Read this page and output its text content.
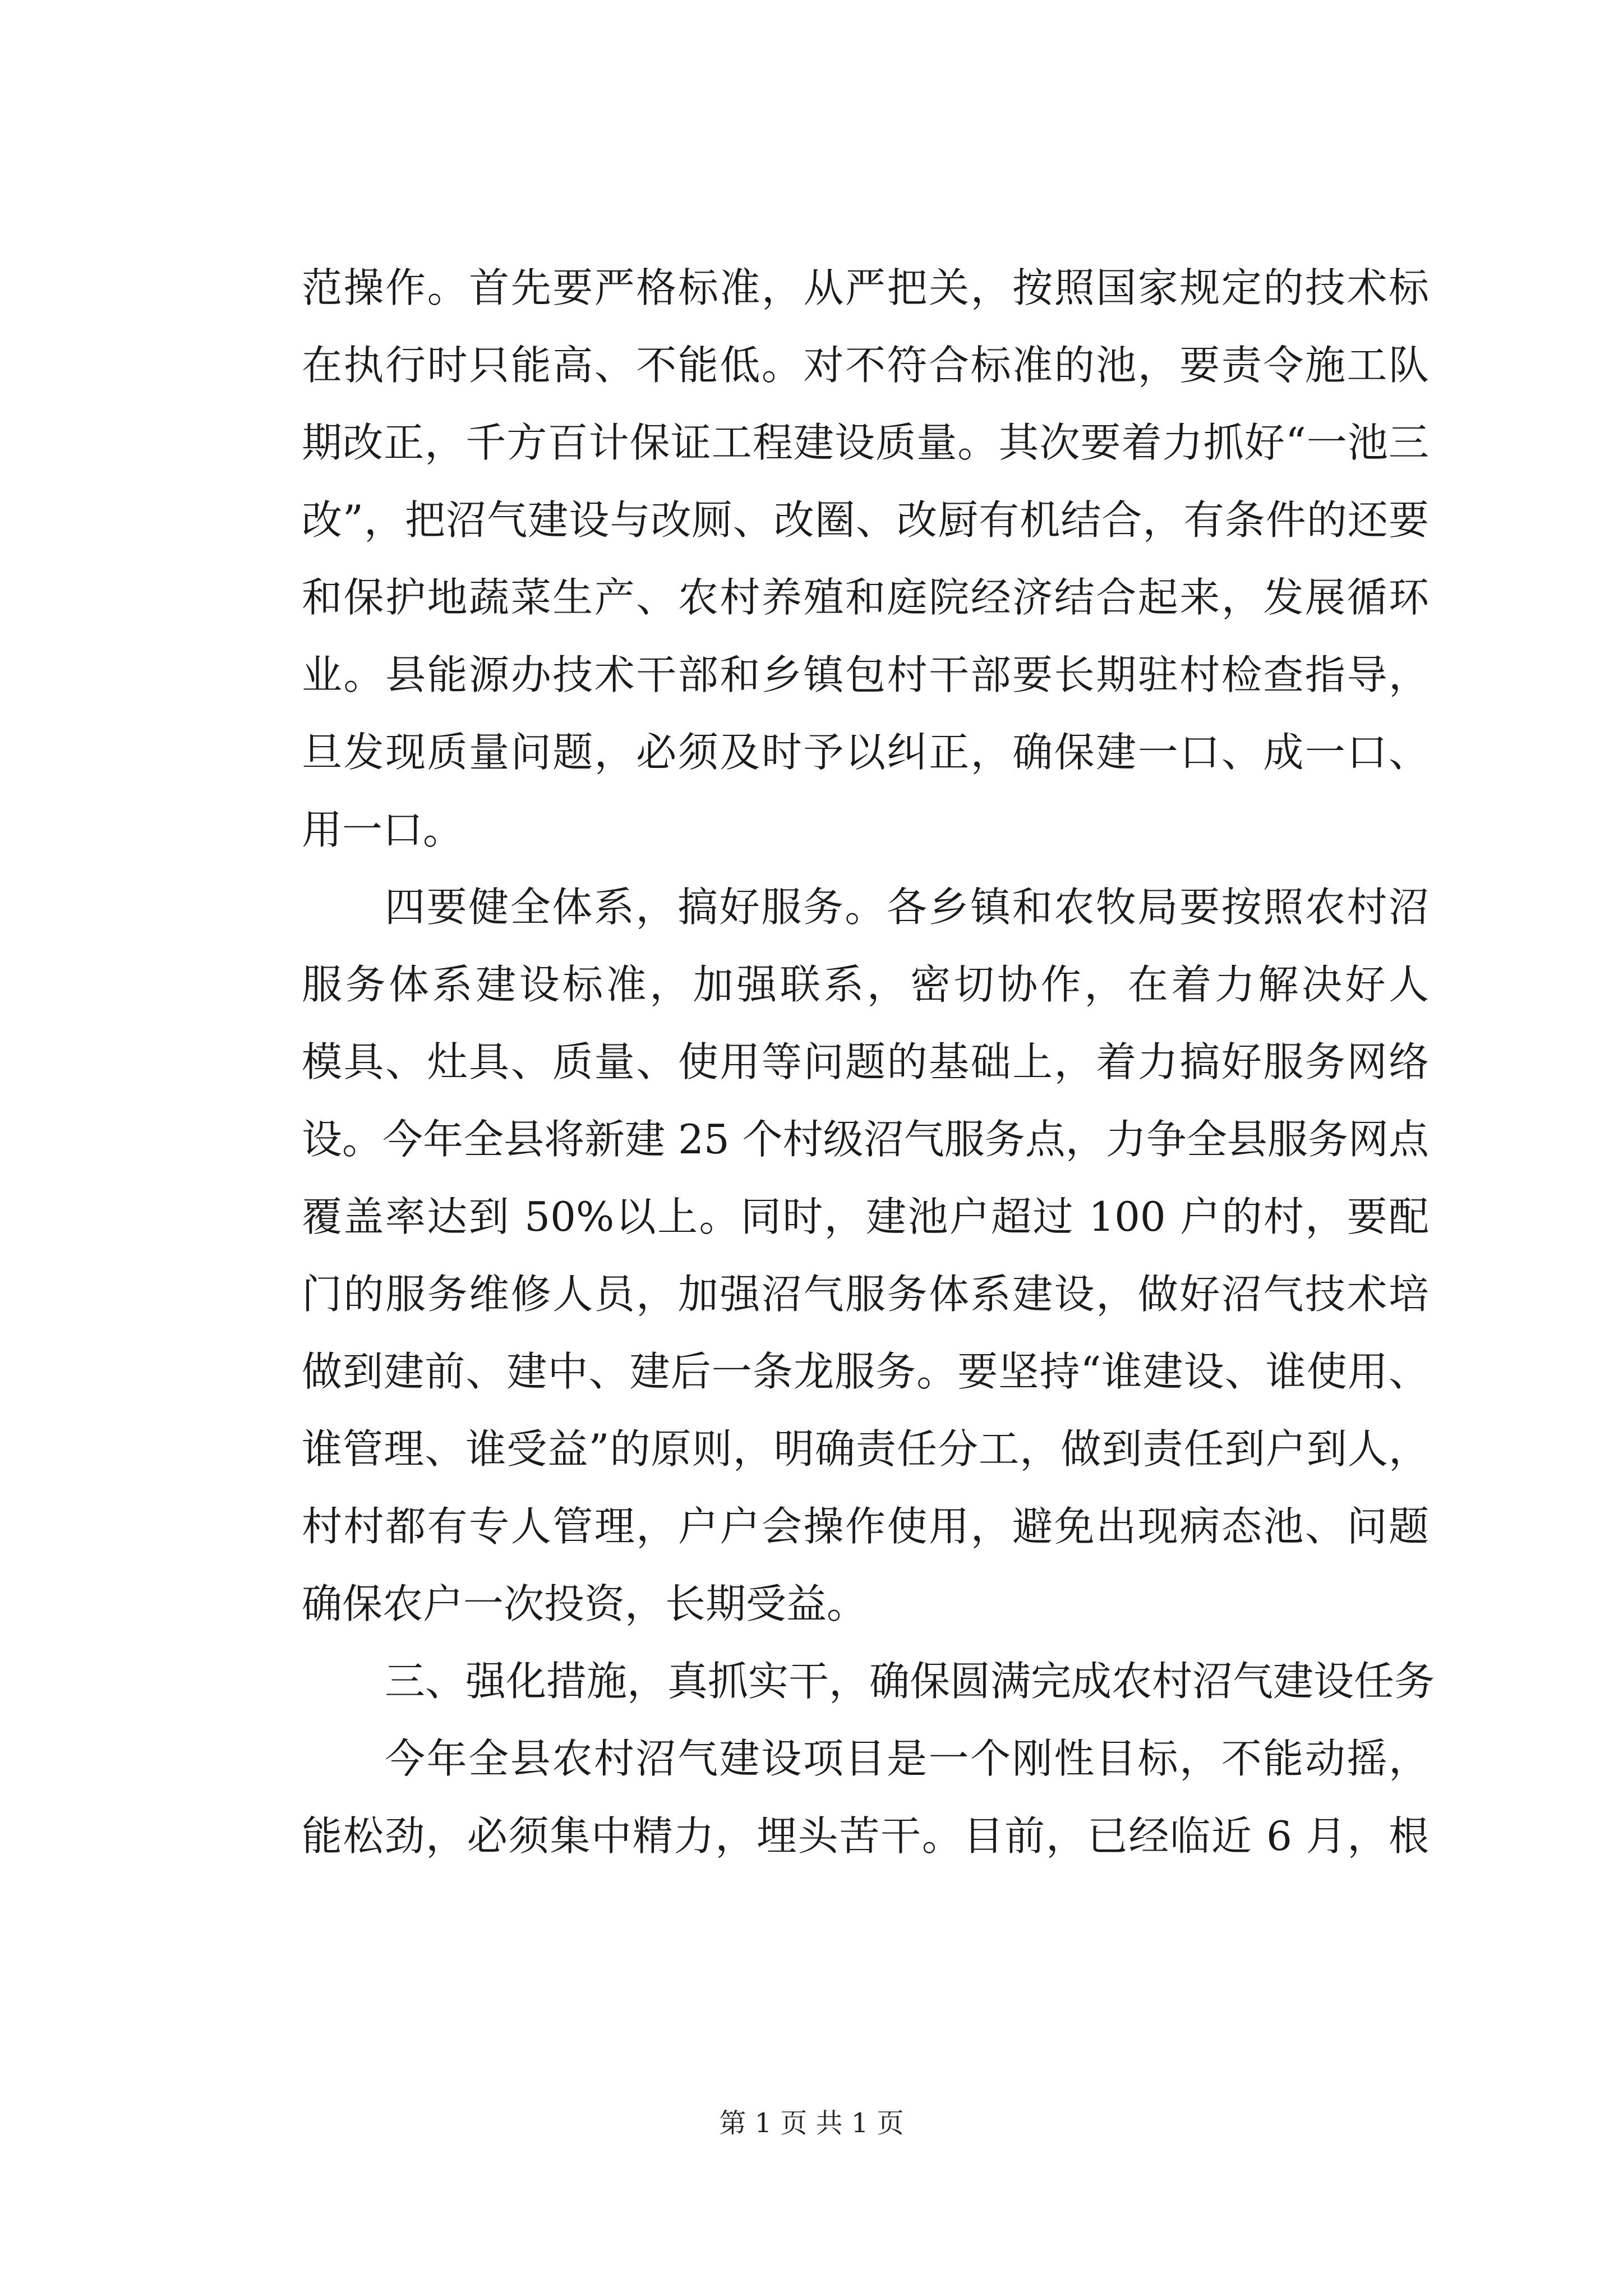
范操作。首先要严格标准，从严把关，按照国家规定的技术标
在执行时只能高、不能低。对不符合标准的池，要责令施工队
期改正，千方百计保证工程建设质量。其次要着力抓好“一池三
改”，把沼气建设与改厕、改圈、改厨有机结合，有条件的还要
和保护地蔬菜生产、农村养殖和庭院经济结合起来，发展循环
业。县能源办技术干部和乡镇包村干部要长期驻村检查指导，
旦发现质量问题，必须及时予以纠正，确保建一口、成一口、
用一口。
四要健全体系，搞好服务。各乡镇和农牧局要按照农村沼
服务体系建设标准，加强联系，密切协作，在着力解决好人
模具、灶具、质量、使用等问题的基础上，着力搞好服务网络
设。今年全县将新建 25 个村级沼气服务点，力争全县服务网点
覆盖率达到 50%以上。同时，建池户超过 100 户的村，要配
门的服务维修人员，加强沼气服务体系建设，做好沼气技术培
做到建前、建中、建后一条龙服务。要坚持“谁建设、谁使用、
谁管理、谁受益”的原则，明确责任分工，做到责任到户到人，
村村都有专人管理，户户会操作使用，避免出现病态池、问题
确保农户一次投资，长期受益。
三、强化措施，真抓实干，确保圆满完成农村沼气建设任务
今年全县农村沼气建设项目是一个刚性目标，不能动摇，
能松劲，必须集中精力，埋头苦干。目前，已经临近 6 月，根
第 1 页 共 1 页
